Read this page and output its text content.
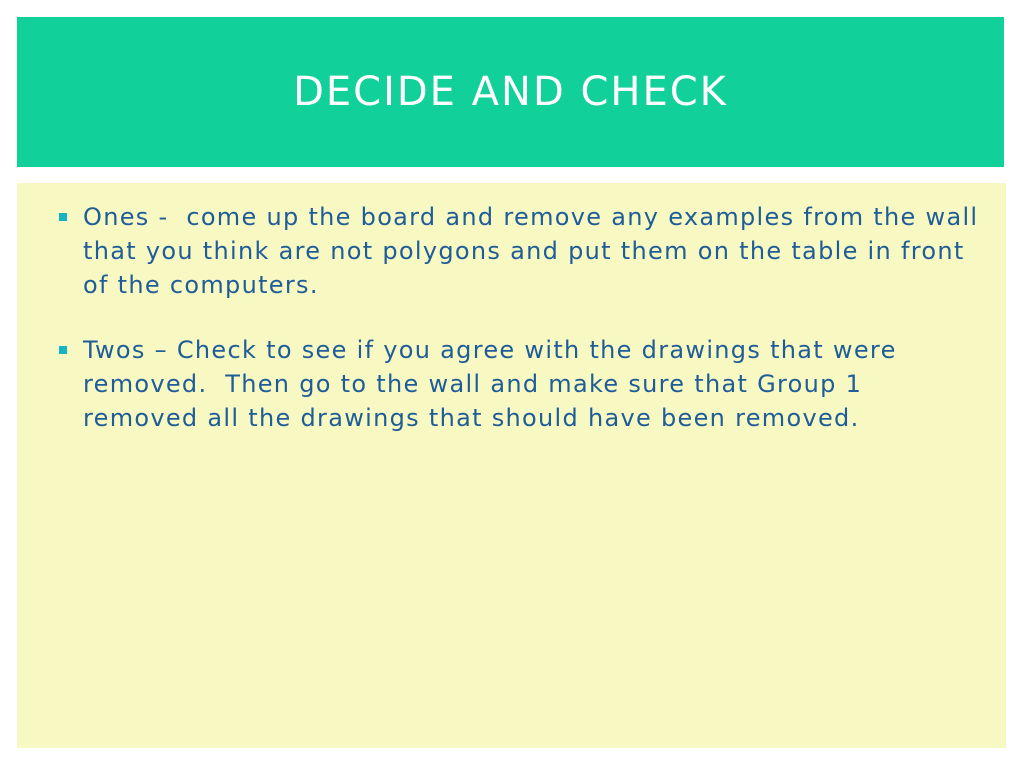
DECIDE AND CHECK
Ones -  come up the board and remove any examples from the wall that you think are not polygons and put them on the table in front of the computers.
Twos – Check to see if you agree with the drawings that were removed.  Then go to the wall and make sure that Group 1 removed all the drawings that should have been removed.
